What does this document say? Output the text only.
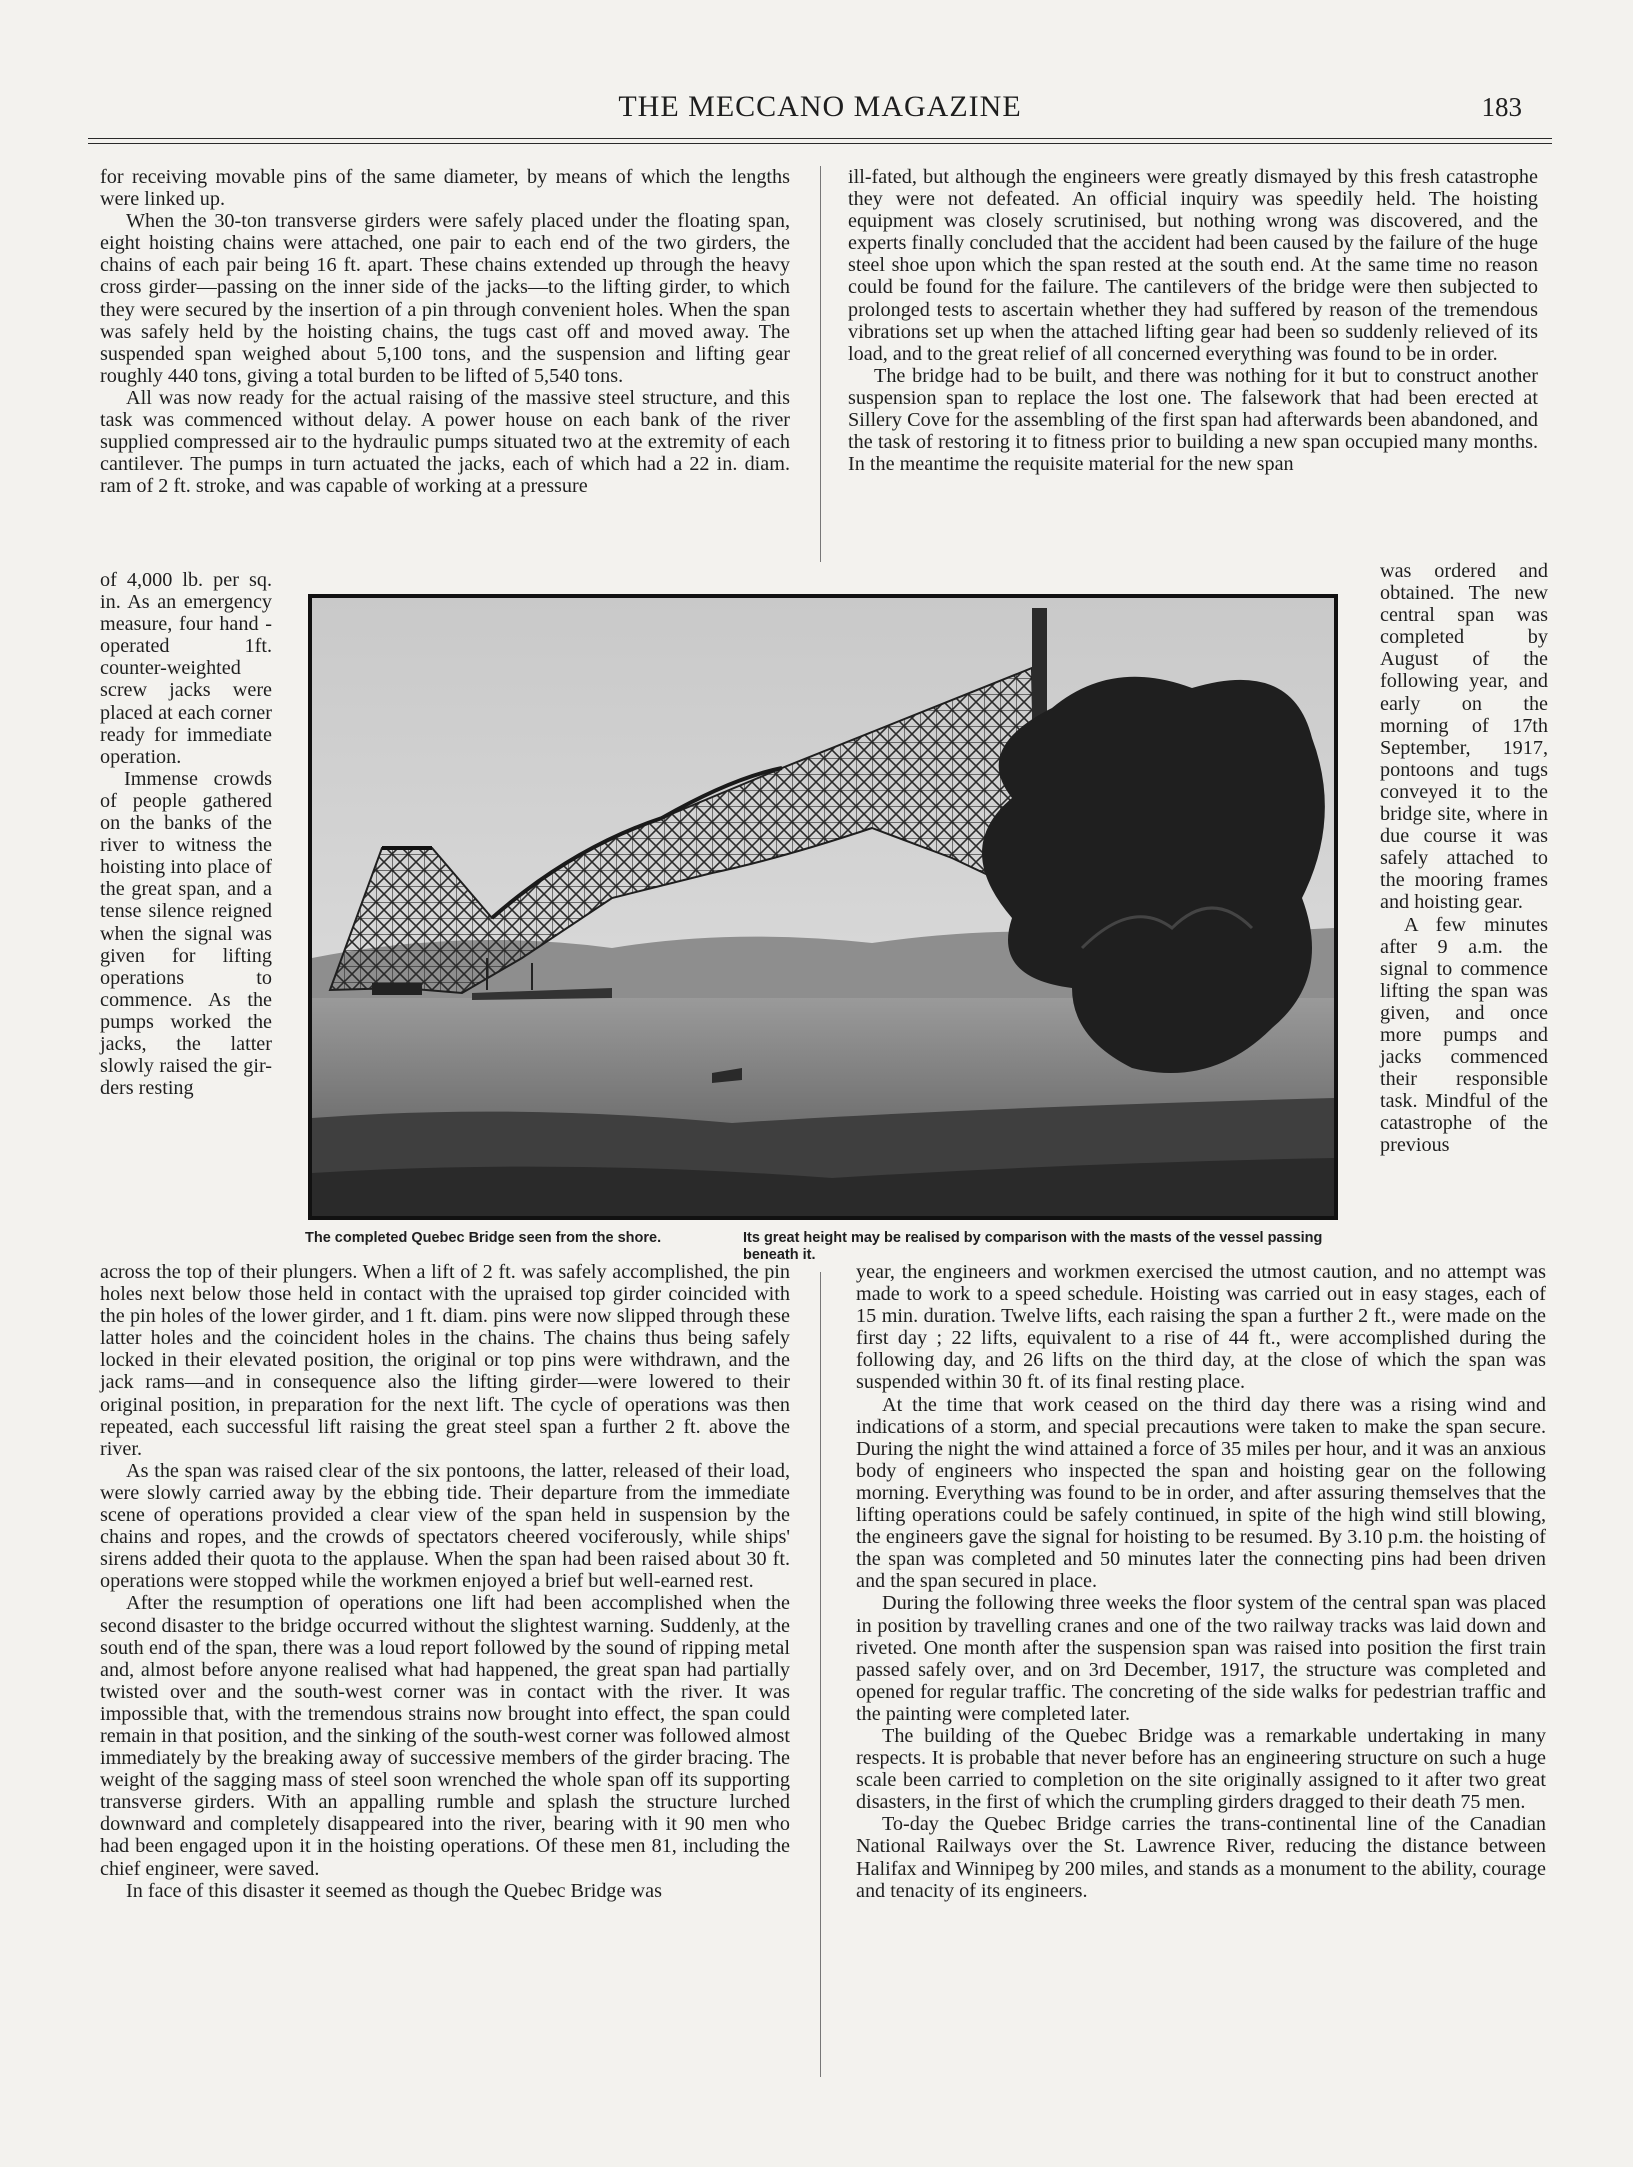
THE MECCANO MAGAZINE	183

for receiving movable pins of the same diameter, by means of which the lengths were linked up.

When the 30-ton transverse girders were safely placed under the floating span, eight hoisting chains were attached, one pair to each end of the two girders, the chains of each pair being 16 ft. apart. These chains extended up through the heavy cross girder—passing on the inner side of the jacks—to the lifting girder, to which they were secured by the insertion of a pin through convenient holes. When the span was safely held by the hoisting chains, the tugs cast off and moved away. The suspended span weighed about 5,100 tons, and the suspension and lifting gear roughly 440 tons, giving a total burden to be lifted of 5,540 tons.

All was now ready for the actual raising of the massive steel structure, and this task was commenced without delay. A power house on each bank of the river supplied compressed air to the hydraulic pumps situated two at the extremity of each cantilever. The pumps in turn actuated the jacks, each of which had a 22 in. diam. ram of 2 ft. stroke, and was capable of working at a pressure

of 4,000 lb. per sq. in. As an emergency measure, four hand - operated 1ft. counter-weighted screw jacks were placed at each corner ready for immediate operation.

Immense crowds of people gathered on the banks of the river to witness the hoisting into place of the great span, and a tense silence reigned when the signal was given for lifting operations to commence. As the pumps worked the jacks, the latter slowly raised the gir-ders resting

The completed Quebec Bridge seen from the shore.	Its great height may be realised by comparison with the masts of the vessel passing beneath it.

across the top of their plungers. When a lift of 2 ft. was safely accomplished, the pin holes next below those held in contact with the upraised top girder coincided with the pin holes of the lower girder, and 1 ft. diam. pins were now slipped through these latter holes and the coincident holes in the chains. The chains thus being safely locked in their elevated position, the original or top pins were withdrawn, and the jack rams—and in consequence also the lifting girder—were lowered to their original position, in preparation for the next lift. The cycle of operations was then repeated, each successful lift raising the great steel span a further 2 ft. above the river.

As the span was raised clear of the six pontoons, the latter, released of their load, were slowly carried away by the ebbing tide. Their departure from the immediate scene of operations provided a clear view of the span held in suspension by the chains and ropes, and the crowds of spectators cheered vociferously, while ships' sirens added their quota to the applause. When the span had been raised about 30 ft. operations were stopped while the workmen enjoyed a brief but well-earned rest.

After the resumption of operations one lift had been accomplished when the second disaster to the bridge occurred without the slightest warning. Suddenly, at the south end of the span, there was a loud report followed by the sound of ripping metal and, almost before anyone realised what had happened, the great span had partially twisted over and the south-west corner was in contact with the river. It was impossible that, with the tremendous strains now brought into effect, the span could remain in that position, and the sinking of the south-west corner was followed almost immediately by the breaking away of successive members of the girder bracing. The weight of the sagging mass of steel soon wrenched the whole span off its supporting transverse girders. With an appalling rumble and splash the structure lurched downward and completely disappeared into the river, bearing with it 90 men who had been engaged upon it in the hoisting operations. Of these men 81, including the chief engineer, were saved.

In face of this disaster it seemed as though the Quebec Bridge was

ill-fated, but although the engineers were greatly dismayed by this fresh catastrophe they were not defeated. An official inquiry was speedily held. The hoisting equipment was closely scrutinised, but nothing wrong was discovered, and the experts finally concluded that the accident had been caused by the failure of the huge steel shoe upon which the span rested at the south end. At the same time no reason could be found for the failure. The cantilevers of the bridge were then subjected to prolonged tests to ascertain whether they had suffered by reason of the tremendous vibrations set up when the attached lifting gear had been so suddenly relieved of its load, and to the great relief of all concerned everything was found to be in order.

The bridge had to be built, and there was nothing for it but to construct another suspension span to replace the lost one. The falsework that had been erected at Sillery Cove for the assembling of the first span had afterwards been abandoned, and the task of restoring it to fitness prior to building a new span occupied many months. In the meantime the requisite material for the new span

was ordered and obtained. The new central span was completed by August of the following year, and early on the morning of 17th September, 1917, pontoons and tugs conveyed it to the bridge site, where in due course it was safely attached to the mooring frames and hoisting gear.

A few minutes after 9 a.m. the signal to commence lifting the span was given, and once more pumps and jacks commenced their responsible task. Mindful of the catastrophe of the previous

year, the engineers and workmen exercised the utmost caution, and no attempt was made to work to a speed schedule. Hoisting was carried out in easy stages, each of 15 min. duration. Twelve lifts, each raising the span a further 2 ft., were made on the first day ; 22 lifts, equivalent to a rise of 44 ft., were accomplished during the following day, and 26 lifts on the third day, at the close of which the span was suspended within 30 ft. of its final resting place.

At the time that work ceased on the third day there was a rising wind and indications of a storm, and special precautions were taken to make the span secure. During the night the wind attained a force of 35 miles per hour, and it was an anxious body of engineers who inspected the span and hoisting gear on the following morning. Everything was found to be in order, and after assuring themselves that the lifting operations could be safely continued, in spite of the high wind still blowing, the engineers gave the signal for hoisting to be resumed. By 3.10 p.m. the hoisting of the span was completed and 50 minutes later the connecting pins had been driven and the span secured in place.

During the following three weeks the floor system of the central span was placed in position by travelling cranes and one of the two railway tracks was laid down and riveted. One month after the suspension span was raised into position the first train passed safely over, and on 3rd December, 1917, the structure was completed and opened for regular traffic. The concreting of the side walks for pedestrian traffic and the painting were completed later.

The building of the Quebec Bridge was a remarkable undertaking in many respects. It is probable that never before has an engineering structure on such a huge scale been carried to completion on the site originally assigned to it after two great disasters, in the first of which the crumpling girders dragged to their death 75 men.

To-day the Quebec Bridge carries the trans-continental line of the Canadian National Railways over the St. Lawrence River, reducing the distance between Halifax and Winnipeg by 200 miles, and stands as a monument to the ability, courage and tenacity of its engineers.
